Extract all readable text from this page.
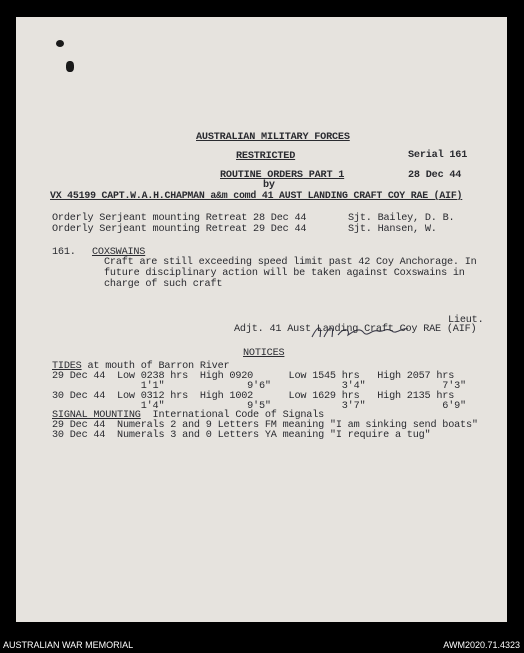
AUSTRALIAN MILITARY FORCES
RESTRICTED	Serial 161
ROUTINE ORDERS PART 1	28 Dec 44
by
VX 45199 CAPT.W.A.H.CHAPMAN a&m comd 41 AUST LANDING CRAFT COY RAE (AIF)
Orderly Serjeant mounting Retreat 28 Dec 44	Sjt. Bailey, D. B.
Orderly Serjeant mounting Retreat 29 Dec 44	Sjt. Hansen, W.
161. COXSWAINS
Craft are still exceeding speed limit past 42 Coy Anchorage. In
future disciplinary action will be taken against Coxswains in
charge of such craft
Lieut.
Adjt. 41 Aust Landing Craft Coy RAE (AIF)
NOTICES
TIDES at mouth of Barron River
29 Dec 44  Low 0238 hrs  High 0920      Low 1545 hrs   High 2057 hrs
1'1"              9'6"            3'4"             7'3"
30 Dec 44  Low 0312 hrs  High 1002      Low 1629 hrs   High 2135 hrs
1'4"              9'5"            3'7"             6'9"
SIGNAL MOUNTING  International Code of Signals
29 Dec 44  Numerals 2 and 9 Letters FM meaning "I am sinking send boats"
30 Dec 44  Numerals 3 and 0 Letters YA meaning "I require a tug"
AUSTRALIAN WAR MEMORIAL	AWM2020.71.4323
